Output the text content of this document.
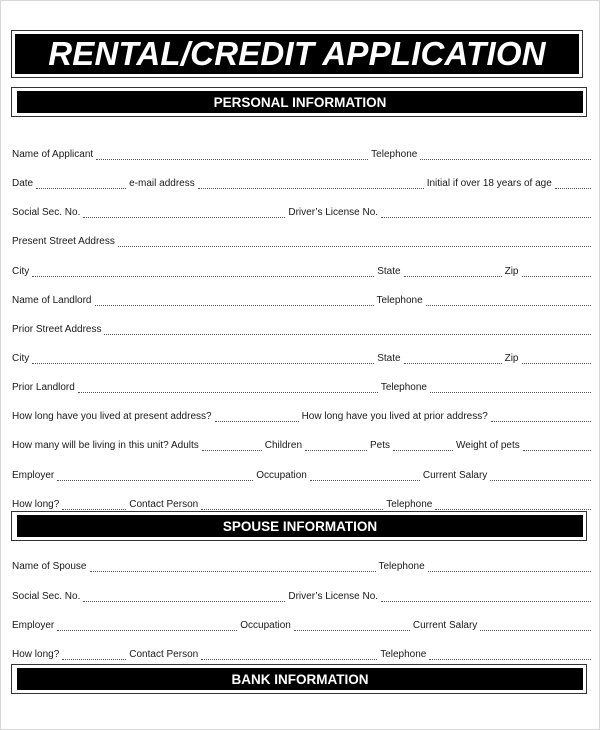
RENTAL/CREDIT APPLICATION
PERSONAL INFORMATION
Name of Applicant	Telephone
Date	e-mail address	Initial if over 18 years of age
Social Sec. No.	Driver’s License No.
Present Street Address
City	State	Zip
Name of Landlord	Telephone
Prior Street Address
City	State	Zip
Prior Landlord	Telephone
How long have you lived at present address?	How long have you lived at prior address?
How many will be living in this unit? Adults	Children	Pets	Weight of pets
Employer	Occupation	Current Salary
How long?	Contact Person	Telephone
SPOUSE INFORMATION
Name of Spouse	Telephone
Social Sec. No.	Driver’s License No.
Employer	Occupation	Current Salary
How long?	Contact Person	Telephone
BANK INFORMATION
